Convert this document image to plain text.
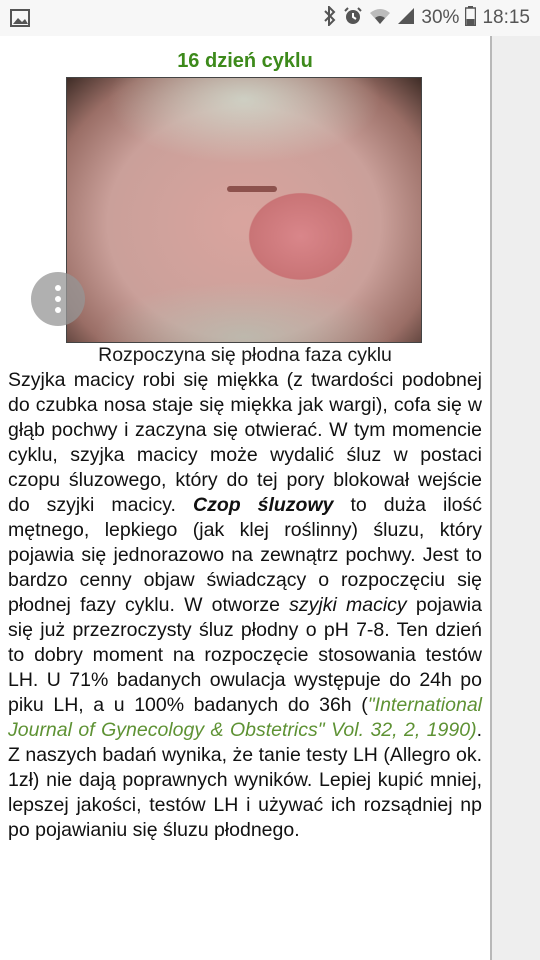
30% 18:15
16 dzień cyklu
Rozpoczyna się płodna faza cyklu
Szyjka macicy robi się miękka (z twardości podobnej do czubka nosa staje się miękka jak wargi), cofa się w głąb pochwy i zaczyna się otwierać. W tym momencie cyklu, szyjka macicy może wydalić śluz w postaci czopu śluzowego, który do tej pory blokował wejście do szyjki macicy. Czop śluzowy to duża ilość mętnego, lepkiego (jak klej roślinny) śluzu, który pojawia się jednorazowo na zewnątrz pochwy. Jest to bardzo cenny objaw świadczący o rozpoczęciu się płodnej fazy cyklu. W otworze szyjki macicy pojawia się już przezroczysty śluz płodny o pH 7-8. Ten dzień to dobry moment na rozpoczęcie stosowania testów LH. U 71% badanych owulacja występuje do 24h po piku LH, a u 100% badanych do 36h ("International Journal of Gynecology & Obstetrics" Vol. 32, 2, 1990). Z naszych badań wynika, że tanie testy LH (Allegro ok. 1zł) nie dają poprawnych wyników. Lepiej kupić mniej, lepszej jakości, testów LH i używać ich rozsądniej np po pojawianiu się śluzu płodnego.
